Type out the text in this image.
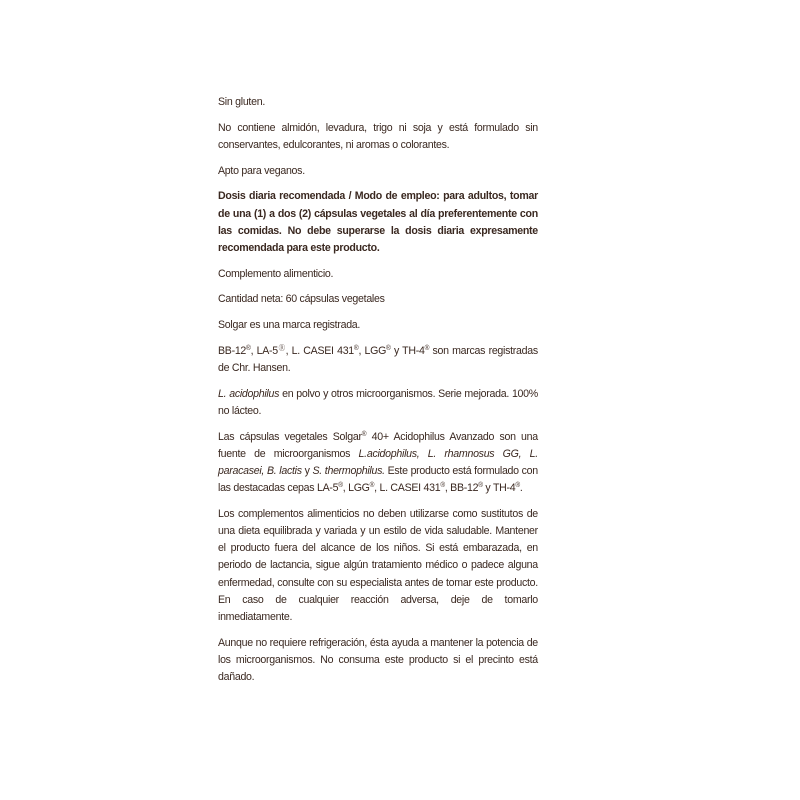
Sin gluten.

No contiene almidón, levadura, trigo ni soja y está formulado sin conservantes, edulcorantes, ni aromas o colorantes.

Apto para veganos.

Dosis diaria recomendada / Modo de empleo: para adultos, tomar de una (1) a dos (2) cápsulas vegetales al día preferentemente con las comidas. No debe superarse la dosis diaria expresamente recomendada para este producto.

Complemento alimenticio.

Cantidad neta: 60 cápsulas vegetales

Solgar es una marca registrada.

BB-12®, LA-5Ⓡ, L. CASEI 431®, LGG® y TH-4® son marcas registradas de Chr. Hansen.

L. acidophilus en polvo y otros microorganismos. Serie mejorada. 100% no lácteo.

Las cápsulas vegetales Solgar® 40+ Acidophilus Avanzado son una fuente de microorganismos L.acidophilus, L. rhamnosus GG, L. paracasei, B. lactis y S. thermophilus. Este producto está formulado con las destacadas cepas LA-5®, LGG®, L. CASEI 431®, BB-12® y TH-4®.

Los complementos alimenticios no deben utilizarse como sustitutos de una dieta equilibrada y variada y un estilo de vida saludable. Mantener el producto fuera del alcance de los niños. Si está embarazada, en periodo de lactancia, sigue algún tratamiento médico o padece alguna enfermedad, consulte con su especialista antes de tomar este producto. En caso de cualquier reacción adversa, deje de tomarlo inmediatamente.

Aunque no requiere refrigeración, ésta ayuda a mantener la potencia de los microorganismos. No consuma este producto si el precinto está dañado.
